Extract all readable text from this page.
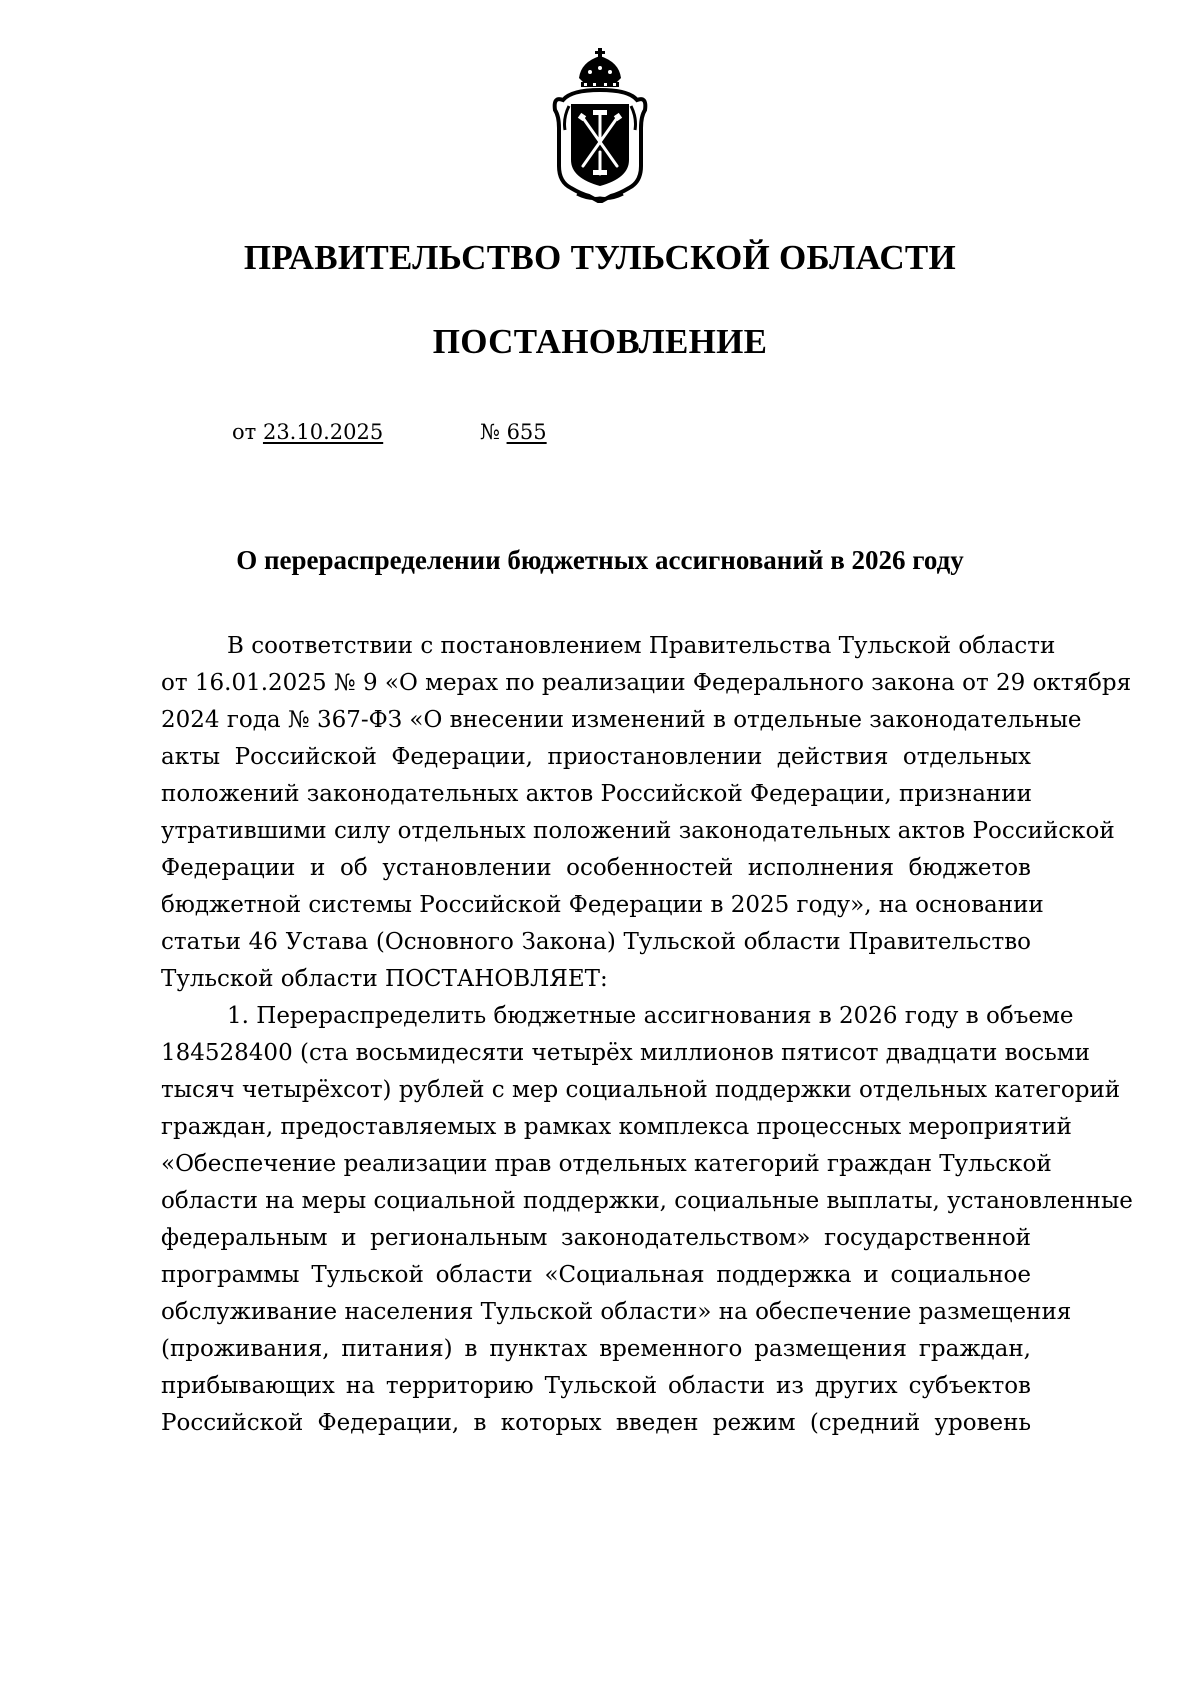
ПРАВИТЕЛЬСТВО ТУЛЬСКОЙ ОБЛАСТИ
ПОСТАНОВЛЕНИЕ
от 23.10.2025	№ 655
О перераспределении бюджетных ассигнований в 2026 году
В соответствии с постановлением Правительства Тульской области
от 16.01.2025 № 9 «О мерах по реализации Федерального закона от 29 октября
2024 года № 367-ФЗ «О внесении изменений в отдельные законодательные
акты Российской Федерации, приостановлении действия отдельных
положений законодательных актов Российской Федерации, признании
утратившими силу отдельных положений законодательных актов Российской
Федерации и об установлении особенностей исполнения бюджетов
бюджетной системы Российской Федерации в 2025 году», на основании
статьи 46 Устава (Основного Закона) Тульской области Правительство
Тульской области ПОСТАНОВЛЯЕТ:
1. Перераспределить бюджетные ассигнования в 2026 году в объеме
184528400 (ста восьмидесяти четырёх миллионов пятисот двадцати восьми
тысяч четырёхсот) рублей с мер социальной поддержки отдельных категорий
граждан, предоставляемых в рамках комплекса процессных мероприятий
«Обеспечение реализации прав отдельных категорий граждан Тульской
области на меры социальной поддержки, социальные выплаты, установленные
федеральным и региональным законодательством» государственной
программы Тульской области «Социальная поддержка и социальное
обслуживание населения Тульской области» на обеспечение размещения
(проживания, питания) в пунктах временного размещения граждан,
прибывающих на территорию Тульской области из других субъектов
Российской Федерации, в которых введен режим (средний уровень
